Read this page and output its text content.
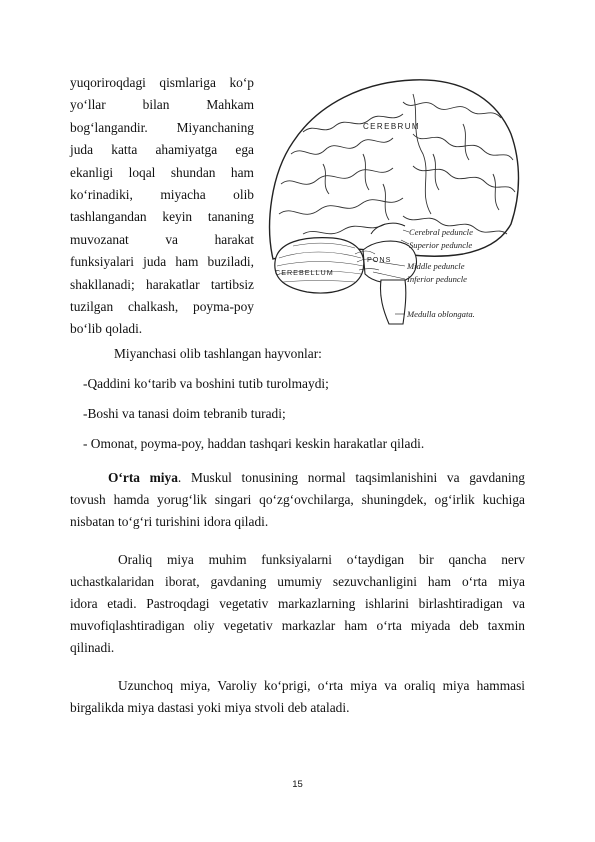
yuqoriroqdagi qismlariga ko‘p
yo‘llar	bilan	Mahkam
bog‘langandir. Miyanchaning
juda katta ahamiyatga ega
ekanligi loqal shundan ham
ko‘rinadiki, miyacha olib
tashlangandan keyin tananing
muvozanat	va	harakat
funksiyalari juda ham buziladi,
shakllanadi; harakatlar tartibsiz
tuzilgan chalkash, poyma-poy
bo‘lib qoladi.
CEREBRUM
CEREBELLUM
PONS
Cerebral peduncle
Superior peduncle
Middle peduncle
Inferior peduncle
Medulla oblongata.
Miyanchasi olib tashlangan hayvonlar:
-Qaddini ko‘tarib va boshini tutib turolmaydi;
-Boshi va tanasi doim tebranib turadi;
- Omonat, poyma-poy, haddan tashqari keskin harakatlar qiladi.
O‘rta miya. Muskul tonusining normal taqsimlanishini va gavdaning
tovush hamda yorug‘lik singari qo‘zg‘ovchilarga, shuningdek, og‘irlik kuchiga
nisbatan to‘g‘ri turishini idora qiladi.
Oraliq miya muhim funksiyalarni o‘taydigan bir qancha nerv
uchastkalaridan iborat, gavdaning umumiy sezuvchanligini ham o‘rta miya
idora etadi. Pastroqdagi vegetativ markazlarning ishlarini birlashtiradigan va
muvofiqlashtiradigan oliy vegetativ markazlar ham o‘rta miyada deb taxmin
qilinadi.
Uzunchoq miya, Varoliy ko‘prigi, o‘rta miya va oraliq miya hammasi
birgalikda miya dastasi yoki miya stvoli deb ataladi.
15
